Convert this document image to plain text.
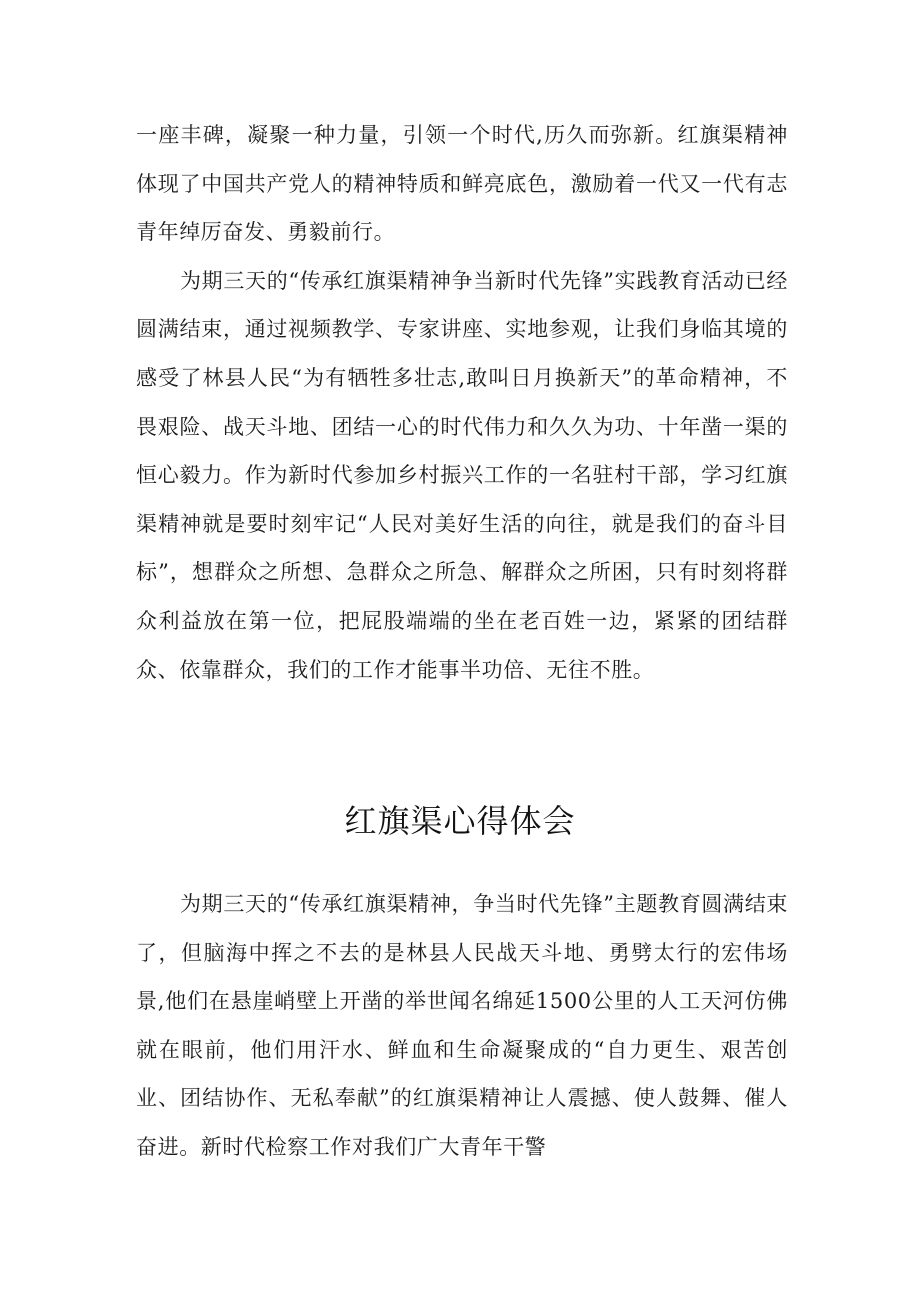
一座丰碑，凝聚一种力量，引领一个时代,历久而弥新。红旗渠精神体现了中国共产党人的精神特质和鲜亮底色，激励着一代又一代有志青年绰厉奋发、勇毅前行。

为期三天的“传承红旗渠精神争当新时代先锋”实践教育活动已经圆满结束，通过视频教学、专家讲座、实地参观，让我们身临其境的感受了林县人民“为有牺牲多壮志,敢叫日月换新天”的革命精神，不畏艰险、战天斗地、团结一心的时代伟力和久久为功、十年凿一渠的恒心毅力。作为新时代参加乡村振兴工作的一名驻村干部，学习红旗渠精神就是要时刻牢记“人民对美好生活的向往，就是我们的奋斗目标”，想群众之所想、急群众之所急、解群众之所困，只有时刻将群众利益放在第一位，把屁股端端的坐在老百姓一边，紧紧的团结群众、依靠群众，我们的工作才能事半功倍、无往不胜。

红旗渠心得体会

为期三天的“传承红旗渠精神，争当时代先锋”主题教育圆满结束了，但脑海中挥之不去的是林县人民战天斗地、勇劈太行的宏伟场景,他们在悬崖峭壁上开凿的举世闻名绵延1500公里的人工天河仿佛就在眼前，他们用汗水、鲜血和生命凝聚成的“自力更生、艰苦创业、团结协作、无私奉献”的红旗渠精神让人震撼、使人鼓舞、催人奋进。新时代检察工作对我们广大青年干警
